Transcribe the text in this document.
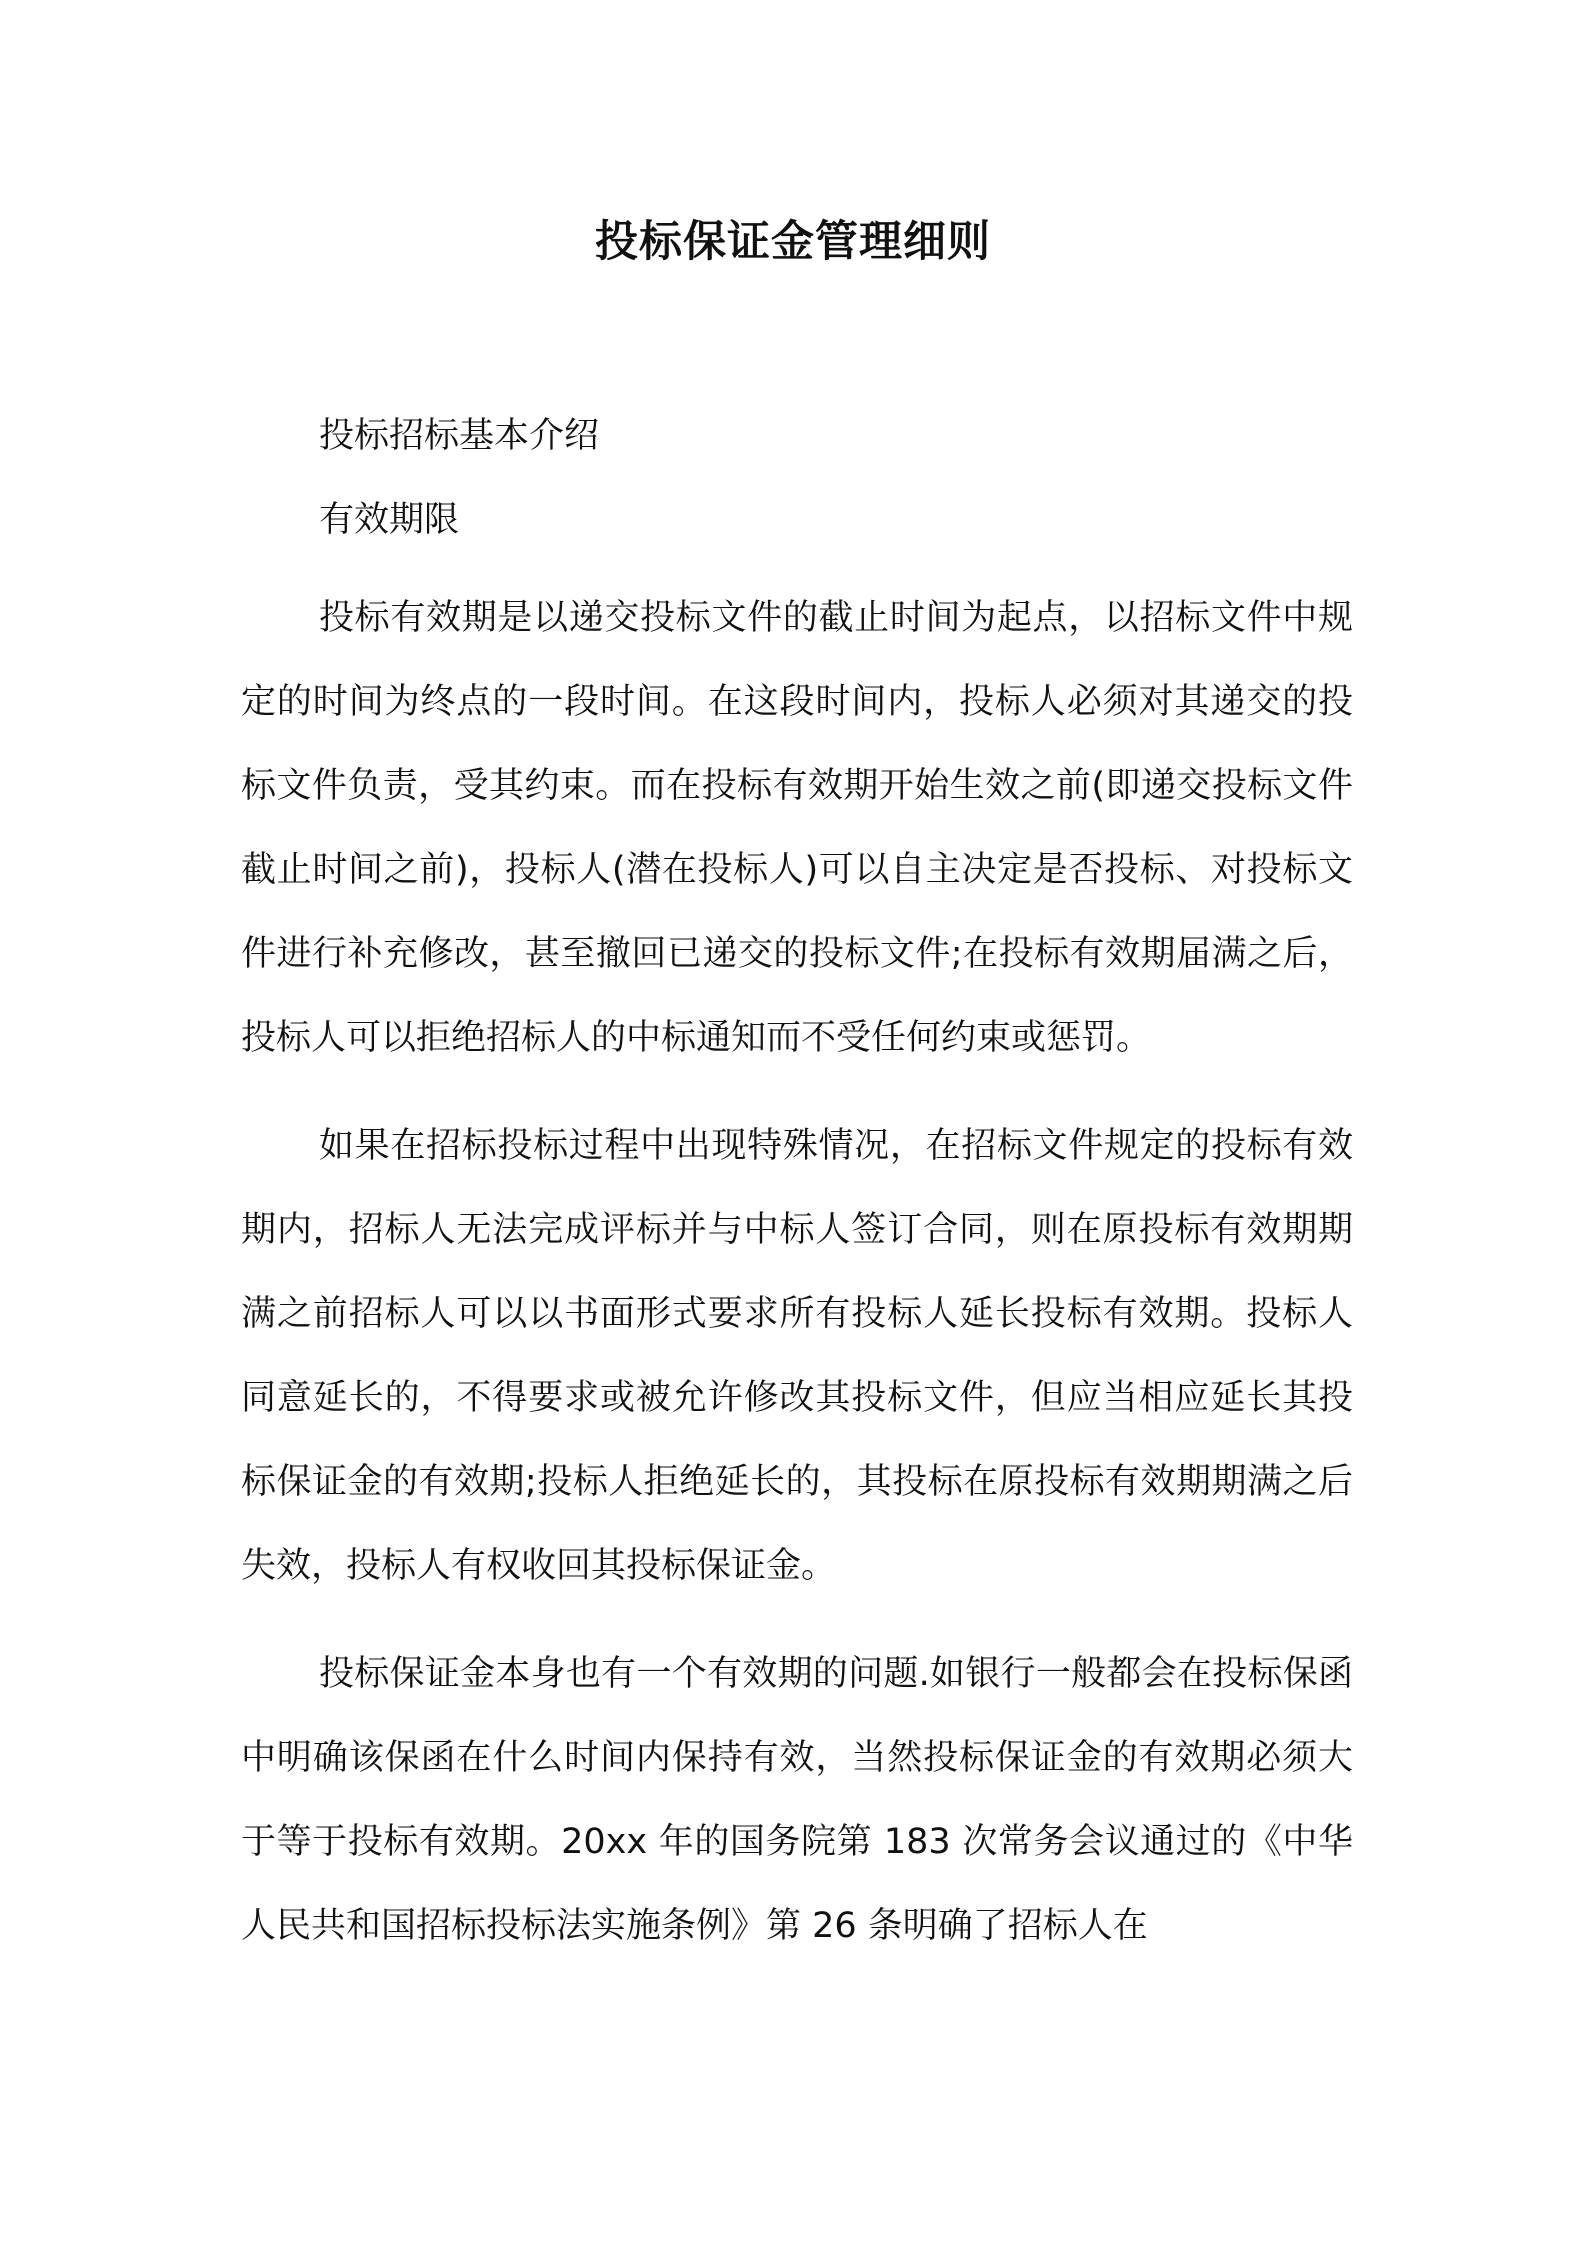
投标保证金管理细则

投标招标基本介绍

有效期限

投标有效期是以递交投标文件的截止时间为起点，以招标文件中规定的时间为终点的一段时间。在这段时间内，投标人必须对其递交的投标文件负责，受其约束。而在投标有效期开始生效之前(即递交投标文件截止时间之前)，投标人(潜在投标人)可以自主决定是否投标、对投标文件进行补充修改，甚至撤回已递交的投标文件;在投标有效期届满之后，投标人可以拒绝招标人的中标通知而不受任何约束或惩罚。

如果在招标投标过程中出现特殊情况，在招标文件规定的投标有效期内，招标人无法完成评标并与中标人签订合同，则在原投标有效期期满之前招标人可以以书面形式要求所有投标人延长投标有效期。投标人同意延长的，不得要求或被允许修改其投标文件，但应当相应延长其投标保证金的有效期;投标人拒绝延长的，其投标在原投标有效期期满之后失效，投标人有权收回其投标保证金。

投标保证金本身也有一个有效期的问题.如银行一般都会在投标保函中明确该保函在什么时间内保持有效，当然投标保证金的有效期必须大于等于投标有效期。20xx 年的国务院第 183 次常务会议通过的《中华人民共和国招标投标法实施条例》第 26 条明确了招标人在
